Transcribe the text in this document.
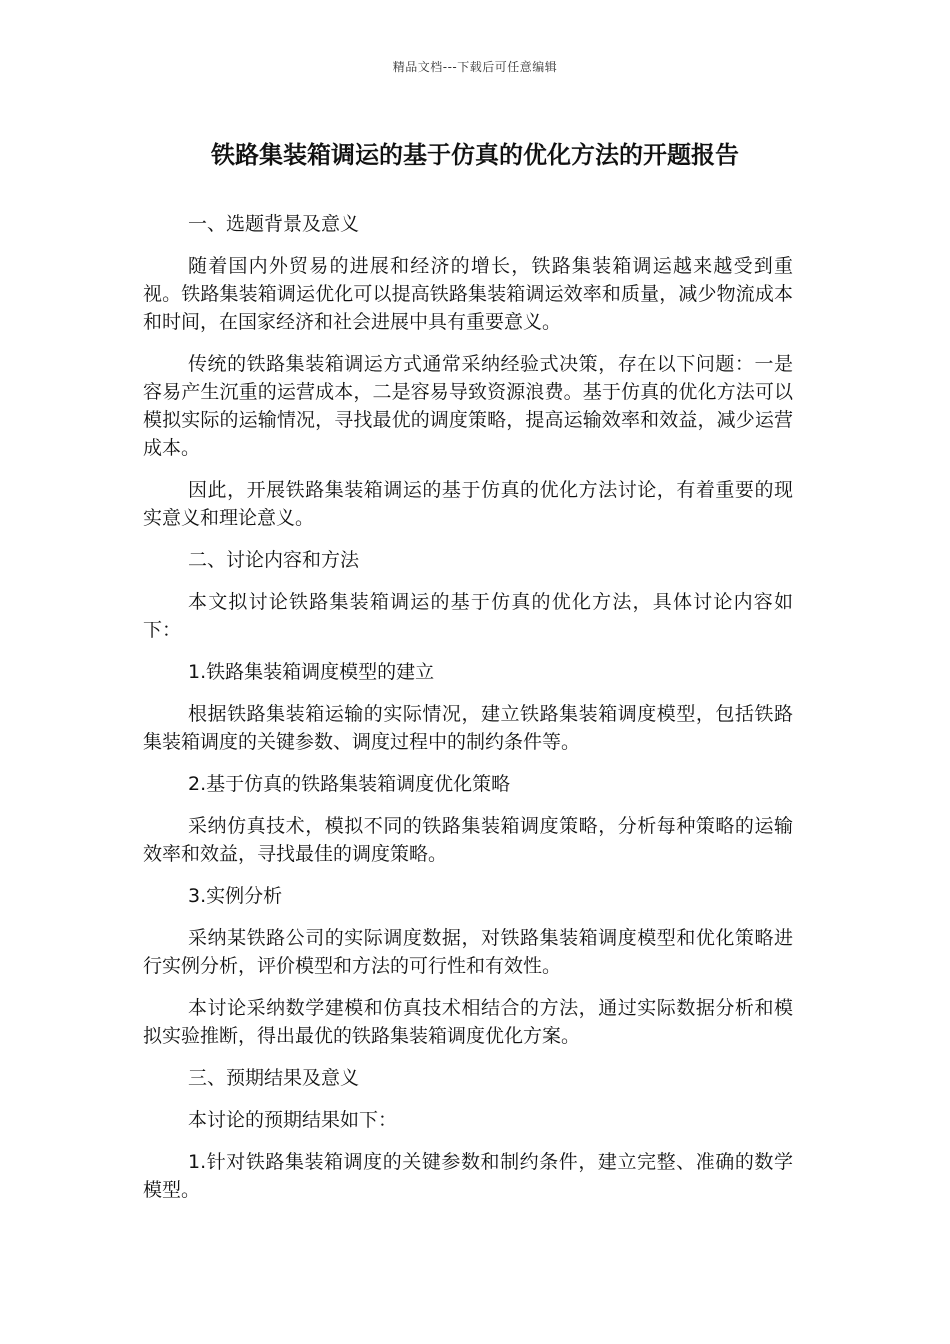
精品文档---下载后可任意编辑
铁路集装箱调运的基于仿真的优化方法的开题报告

一、选题背景及意义

随着国内外贸易的进展和经济的增长，铁路集装箱调运越来越受到重视。铁路集装箱调运优化可以提高铁路集装箱调运效率和质量，减少物流成本和时间，在国家经济和社会进展中具有重要意义。

传统的铁路集装箱调运方式通常采纳经验式决策，存在以下问题：一是容易产生沉重的运营成本，二是容易导致资源浪费。基于仿真的优化方法可以模拟实际的运输情况，寻找最优的调度策略，提高运输效率和效益，减少运营成本。

因此，开展铁路集装箱调运的基于仿真的优化方法讨论，有着重要的现实意义和理论意义。

二、讨论内容和方法

本文拟讨论铁路集装箱调运的基于仿真的优化方法，具体讨论内容如下：

1.铁路集装箱调度模型的建立

根据铁路集装箱运输的实际情况，建立铁路集装箱调度模型，包括铁路集装箱调度的关键参数、调度过程中的制约条件等。

2.基于仿真的铁路集装箱调度优化策略

采纳仿真技术，模拟不同的铁路集装箱调度策略，分析每种策略的运输效率和效益，寻找最佳的调度策略。

3.实例分析

采纳某铁路公司的实际调度数据，对铁路集装箱调度模型和优化策略进行实例分析，评价模型和方法的可行性和有效性。

本讨论采纳数学建模和仿真技术相结合的方法，通过实际数据分析和模拟实验推断，得出最优的铁路集装箱调度优化方案。

三、预期结果及意义

本讨论的预期结果如下：

1.针对铁路集装箱调度的关键参数和制约条件，建立完整、准确的数学模型。
